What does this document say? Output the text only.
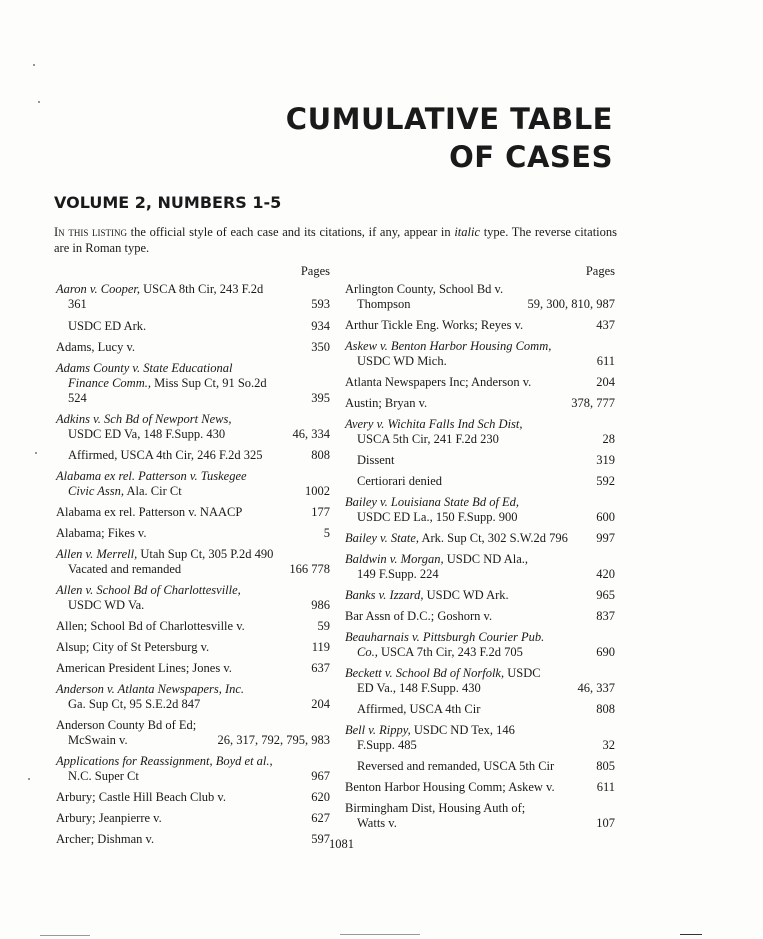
CUMULATIVE TABLE
OF CASES
VOLUME 2, NUMBERS 1-5
In this listing the official style of each case and its citations, if any, appear in italic type. The reverse citations are in Roman type.
Pages
Aaron v. Cooper, USCA 8th Cir, 243 F.2d
361	593
USDC ED Ark.	934
Adams, Lucy v.	350
Adams County v. State Educational
Finance Comm., Miss Sup Ct, 91 So.2d
524	395
Adkins v. Sch Bd of Newport News,
USDC ED Va, 148 F.Supp. 430	46, 334
Affirmed, USCA 4th Cir, 246 F.2d 325	808
Alabama ex rel. Patterson v. Tuskegee
Civic Assn, Ala. Cir Ct	1002
Alabama ex rel. Patterson v. NAACP	177
Alabama; Fikes v.	5
Allen v. Merrell, Utah Sup Ct, 305 P.2d 490
Vacated and remanded	166 778
Allen v. School Bd of Charlottesville,
USDC WD Va.	986
Allen; School Bd of Charlottesville v.	59
Alsup; City of St Petersburg v.	119
American President Lines; Jones v.	637
Anderson v. Atlanta Newspapers, Inc.
Ga. Sup Ct, 95 S.E.2d 847	204
Anderson County Bd of Ed;
McSwain v.	26, 317, 792, 795, 983
Applications for Reassignment, Boyd et al.,
N.C. Super Ct	967
Arbury; Castle Hill Beach Club v.	620
Arbury; Jeanpierre v.	627
Archer; Dishman v.	597
Pages
Arlington County, School Bd v.
Thompson	59, 300, 810, 987
Arthur Tickle Eng. Works; Reyes v.	437
Askew v. Benton Harbor Housing Comm,
USDC WD Mich.	611
Atlanta Newspapers Inc; Anderson v.	204
Austin; Bryan v.	378, 777
Avery v. Wichita Falls Ind Sch Dist,
USCA 5th Cir, 241 F.2d 230	28
Dissent	319
Certiorari denied	592
Bailey v. Louisiana State Bd of Ed,
USDC ED La., 150 F.Supp. 900	600
Bailey v. State, Ark. Sup Ct, 302 S.W.2d 796	997
Baldwin v. Morgan, USDC ND Ala.,
149 F.Supp. 224	420
Banks v. Izzard, USDC WD Ark.	965
Bar Assn of D.C.; Goshorn v.	837
Beauharnais v. Pittsburgh Courier Pub.
Co., USCA 7th Cir, 243 F.2d 705	690
Beckett v. School Bd of Norfolk, USDC
ED Va., 148 F.Supp. 430	46, 337
Affirmed, USCA 4th Cir	808
Bell v. Rippy, USDC ND Tex, 146
F.Supp. 485	32
Reversed and remanded, USCA 5th Cir	805
Benton Harbor Housing Comm; Askew v.	611
Birmingham Dist, Housing Auth of;
Watts v.	107
1081
